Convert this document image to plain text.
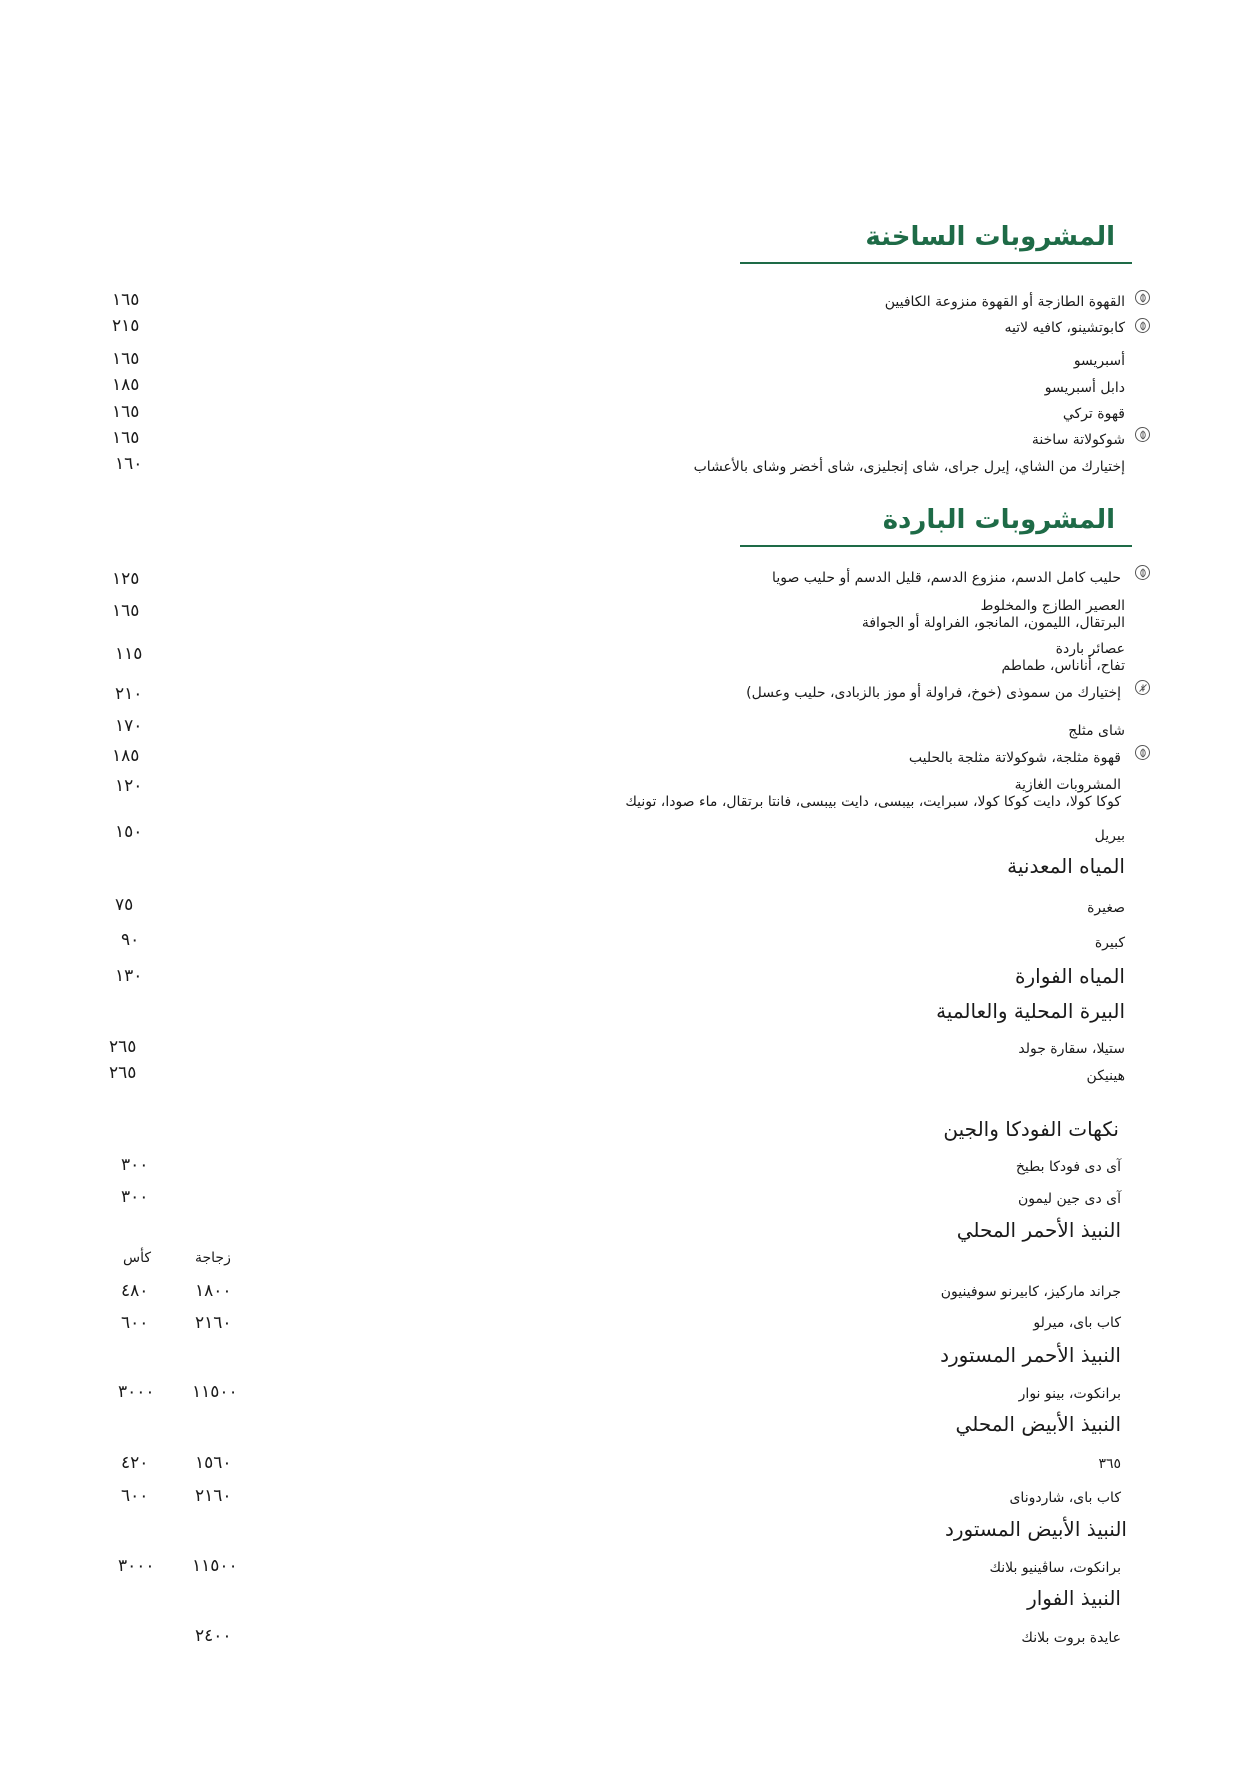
المشروبات الساخنة
القهوة الطازجة أو القهوة منزوعة الكافيين
١٦٥
كابوتشينو، كافيه لاتيه
٢١٥
أسبريسو
١٦٥
دابل أسبريسو
١٨٥
قهوة تركي
١٦٥
شوكولاتة ساخنة
١٦٥
إختيارك من الشاي، إيرل جراى، شاى إنجليزى، شاى أخضر وشاى بالأعشاب
١٦٠
المشروبات الباردة
حليب كامل الدسم، منزوع الدسم، قليل الدسم أو حليب صويا
١٢٥
العصير الطازج والمخلوط
البرتقال، الليمون، المانجو، الفراولة أو الجوافة
١٦٥
عصائر باردة
تفاح، أناناس، طماطم
١١٥
إختيارك من سموذى (خوخ، فراولة أو موز بالزبادى، حليب وعسل)
٢١٠
شاى مثلج
١٧٠
قهوة مثلجة، شوكولاتة مثلجة بالحليب
١٨٥
المشروبات الغازية
كوكا كولا، دايت كوكا كولا، سبرايت، بيبسى، دايت بيبسى، فانتا برتقال، ماء صودا، تونيك
١٢٠
بيريل
١٥٠
المياه المعدنية
صغيرة
٧٥
كبيرة
٩٠
المياه الفوارة
١٣٠
البيرة المحلية والعالمية
ستيلا، سقارة جولد
٢٦٥
هينيكن
٢٦٥
نكهات الفودكا والجين
آى دى فودكا بطيخ
٣٠٠
آى دى جين ليمون
٣٠٠
النبيذ الأحمر المحلي
كأس	زجاجة
جراند ماركيز، كابيرنو سوفينيون
٤٨٠	١٨٠٠
كاب باى، ميرلو
٦٠٠	٢١٦٠
النبيذ الأحمر المستورد
برانكوت، بينو نوار
٣٠٠٠ ١١٥٠٠
النبيذ الأبيض المحلي
٣٦٥
٤٢٠	١٥٦٠
كاب باى، شاردوناى
٦٠٠	٢١٦٠
النبيذ الأبيض المستورد
برانكوت، ساڤينيو بلانك
٣٠٠٠ ١١٥٠٠
النبيذ الفوار
عايدة بروت بلانك
٢٤٠٠
